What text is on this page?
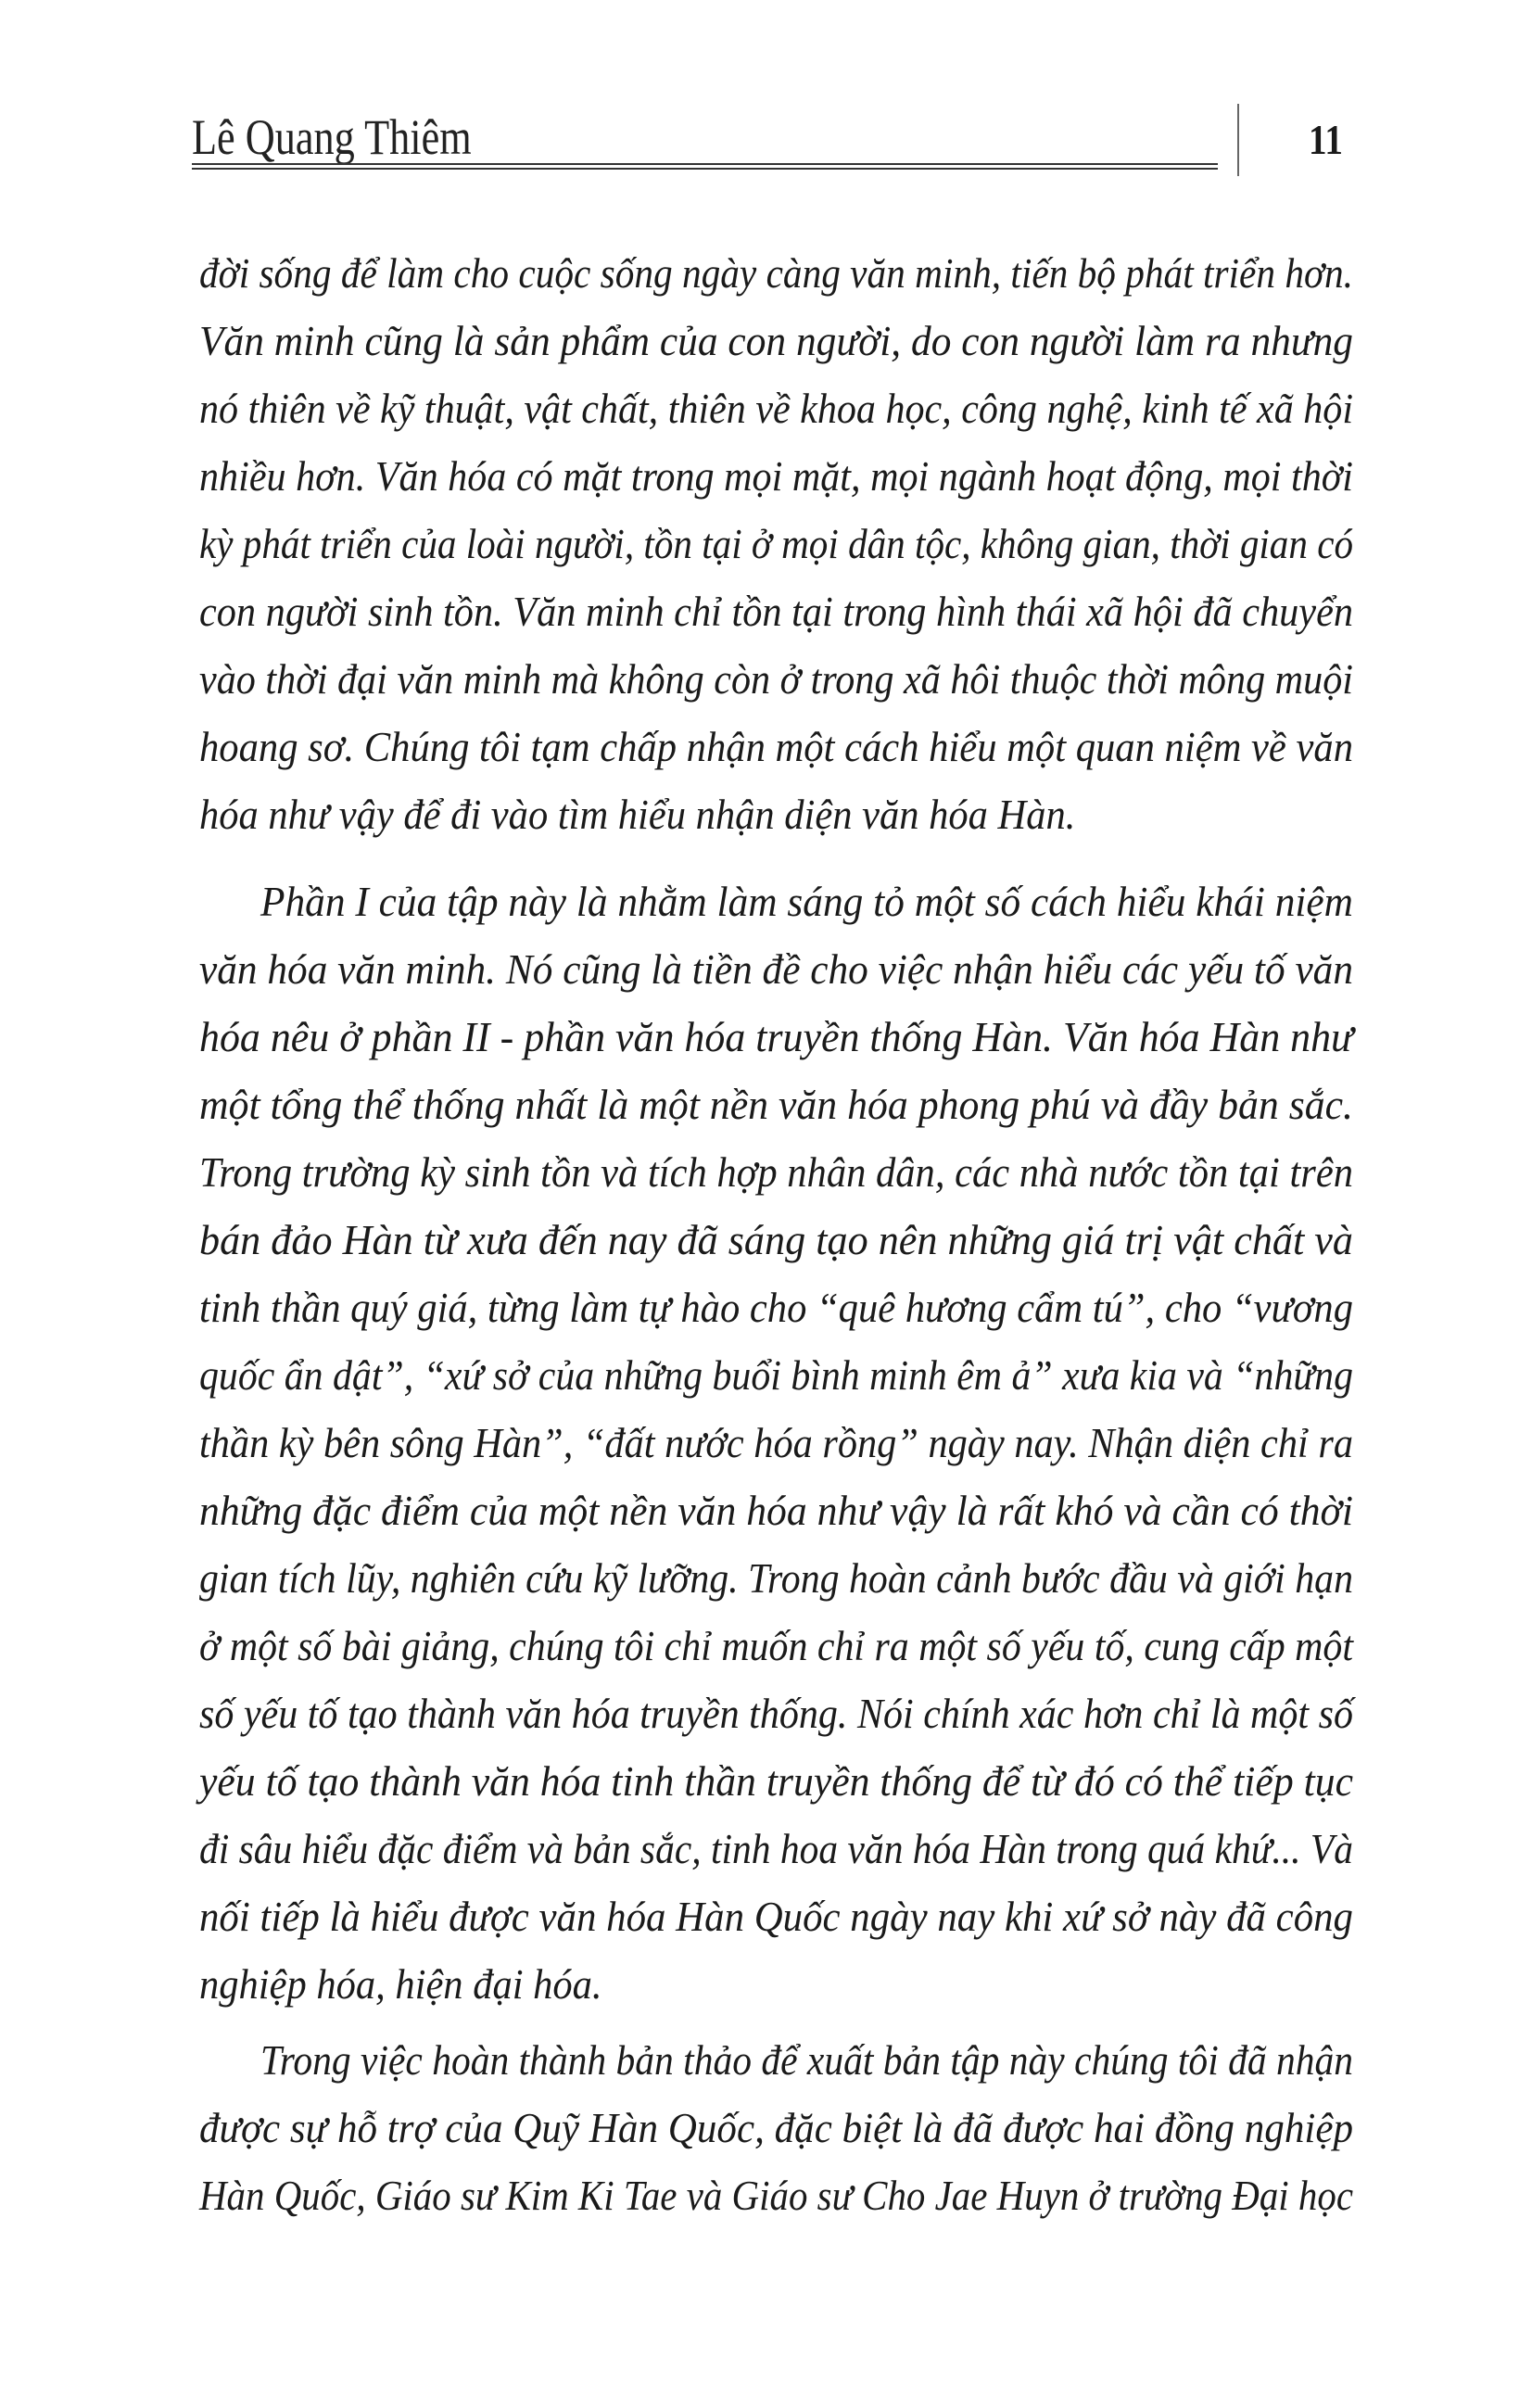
Lê Quang Thiêm	11
đời sống để làm cho cuộc sống ngày càng văn minh, tiến bộ phát triển hơn.
Văn minh cũng là sản phẩm của con người, do con người làm ra nhưng
nó thiên về kỹ thuật, vật chất, thiên về khoa học, công nghệ, kinh tế xã hội
nhiều hơn. Văn hóa có mặt trong mọi mặt, mọi ngành hoạt động, mọi thời
kỳ phát triển của loài người, tồn tại ở mọi dân tộc, không gian, thời gian có
con người sinh tồn. Văn minh chỉ tồn tại trong hình thái xã hội đã chuyển
vào thời đại văn minh mà không còn ở trong xã hôi thuộc thời mông muội
hoang sơ. Chúng tôi tạm chấp nhận một cách hiểu một quan niệm về văn
hóa như vậy để đi vào tìm hiểu nhận diện văn hóa Hàn.
Phần I của tập này là nhằm làm sáng tỏ một số cách hiểu khái niệm
văn hóa văn minh. Nó cũng là tiền đề cho việc nhận hiểu các yếu tố văn
hóa nêu ở phần II - phần văn hóa truyền thống Hàn. Văn hóa Hàn như
một tổng thể thống nhất là một nền văn hóa phong phú và đầy bản sắc.
Trong trường kỳ sinh tồn và tích hợp nhân dân, các nhà nước tồn tại trên
bán đảo Hàn từ xưa đến nay đã sáng tạo nên những giá trị vật chất và
tinh thần quý giá, từng làm tự hào cho “quê hương cẩm tú”, cho “vương
quốc ẩn dật”, “xứ sở của những buổi bình minh êm ả” xưa kia và “những
thần kỳ bên sông Hàn”, “đất nước hóa rồng” ngày nay. Nhận diện chỉ ra
những đặc điểm của một nền văn hóa như vậy là rất khó và cần có thời
gian tích lũy, nghiên cứu kỹ lưỡng. Trong hoàn cảnh bước đầu và giới hạn
ở một số bài giảng, chúng tôi chỉ muốn chỉ ra một số yếu tố, cung cấp một
số yếu tố tạo thành văn hóa truyền thống. Nói chính xác hơn chỉ là một số
yếu tố tạo thành văn hóa tinh thần truyền thống để từ đó có thể tiếp tục
đi sâu hiểu đặc điểm và bản sắc, tinh hoa văn hóa Hàn trong quá khứ... Và
nối tiếp là hiểu được văn hóa Hàn Quốc ngày nay khi xứ sở này đã công
nghiệp hóa, hiện đại hóa.
Trong việc hoàn thành bản thảo để xuất bản tập này chúng tôi đã nhận
được sự hỗ trợ của Quỹ Hàn Quốc, đặc biệt là đã được hai đồng nghiệp
Hàn Quốc, Giáo sư Kim Ki Tae và Giáo sư Cho Jae Huyn ở trường Đại học
